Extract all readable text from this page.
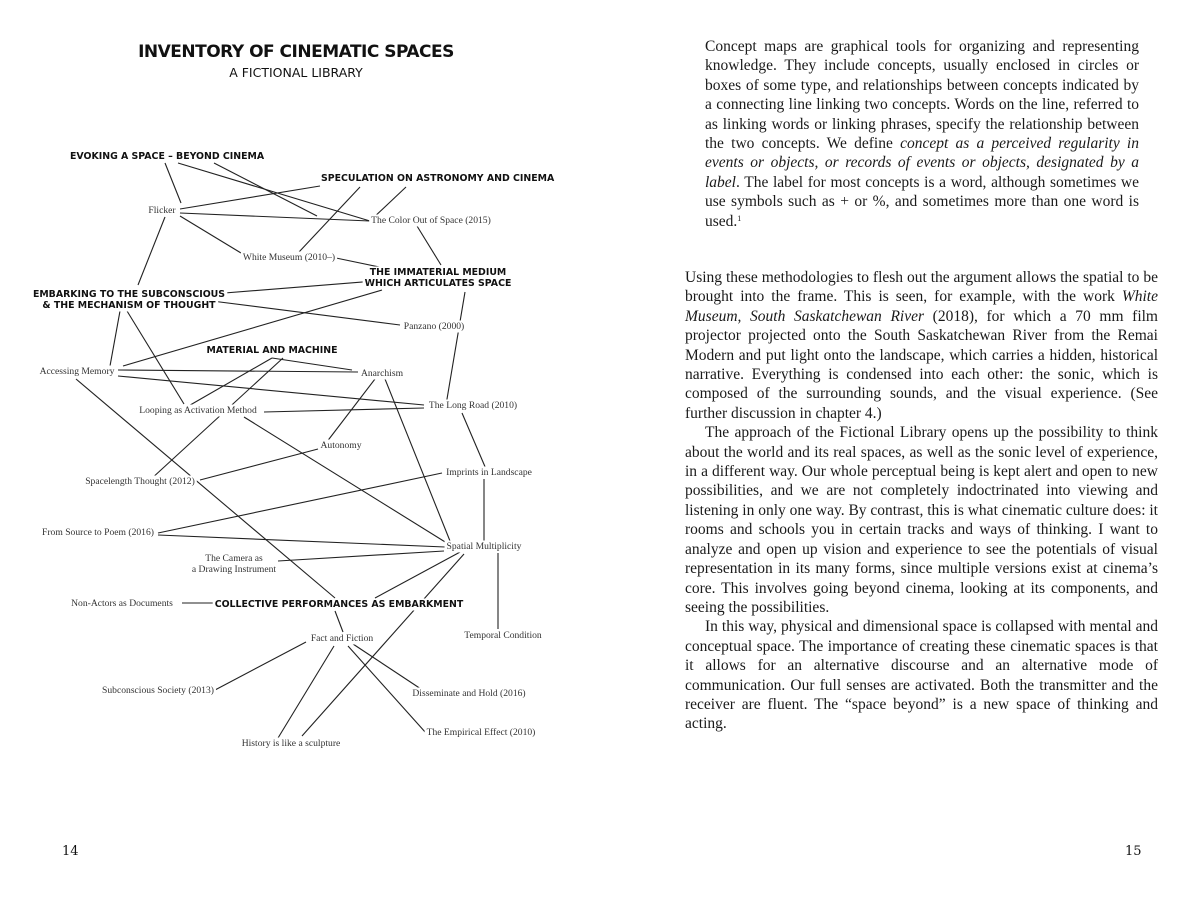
INVENTORY OF CINEMATIC SPACES
A FICTIONAL LIBRARY
EVOKING A SPACE – BEYOND CINEMA
SPECULATION ON ASTRONOMY AND CINEMA
THE IMMATERIAL MEDIUM
WHICH ARTICULATES SPACE
EMBARKING TO THE SUBCONSCIOUS
& THE MECHANISM OF THOUGHT
MATERIAL AND MACHINE
COLLECTIVE PERFORMANCES AS EMBARKMENT
Flicker
The Color Out of Space (2015)
White Museum (2010–)
Panzano (2000)
Accessing Memory	Anarchism
Looping as Activation Method	The Long Road (2010)
Autonomy
Spacelength Thought (2012)
Imprints in Landscape
From Source to Poem (2016)
Spatial Multiplicity
The Camera as
a Drawing Instrument
Non-Actors as Documents
Fact and Fiction	Temporal Condition
Subconscious Society (2013)	Disseminate and Hold (2016)
The Empirical Effect (2010)
History is like a sculpture
14

Concept maps are graphical tools for organizing and representing knowledge. They include concepts, usually enclosed in circles or boxes of some type, and relationships between concepts indicated by a connecting line linking two concepts. Words on the line, referred to as linking words or linking phrases, specify the relationship between the two concepts. We define concept as a perceived regularity in events or objects, or records of events or objects, designated by a label. The label for most concepts is a word, although sometimes we use symbols such as + or %, and sometimes more than one word is used.$^1$

Using these methodologies to flesh out the argument allows the spatial to be brought into the frame. This is seen, for example, with the work White Museum, South Saskatchewan River (2018), for which a 70 mm film projector projected onto the South Saskatchewan River from the Remai Modern and put light onto the landscape, which carries a hidden, historical narrative. Everything is condensed into each other: the sonic, which is composed of the surrounding sounds, and the visual experience. (See further discussion in chapter 4.)

The approach of the Fictional Library opens up the possibility to think about the world and its real spaces, as well as the sonic level of experience, in a different way. Our whole perceptual being is kept alert and open to new possibilities, and we are not completely indoctrinated into viewing and listening in only one way. By contrast, this is what cinematic culture does: it rooms and schools you in certain tracks and ways of thinking. I want to analyze and open up vision and experience to see the potentials of visual representation in its many forms, since multiple versions exist at cinema’s core. This involves going beyond cinema, looking at its components, and seeing the possibilities.

In this way, physical and dimensional space is collapsed with mental and conceptual space. The importance of creating these cinematic spaces is that it allows for an alternative discourse and an alternative mode of communication. Our full senses are activated. Both the transmitter and the receiver are fluent. The “space beyond” is a new space of thinking and acting.

15
